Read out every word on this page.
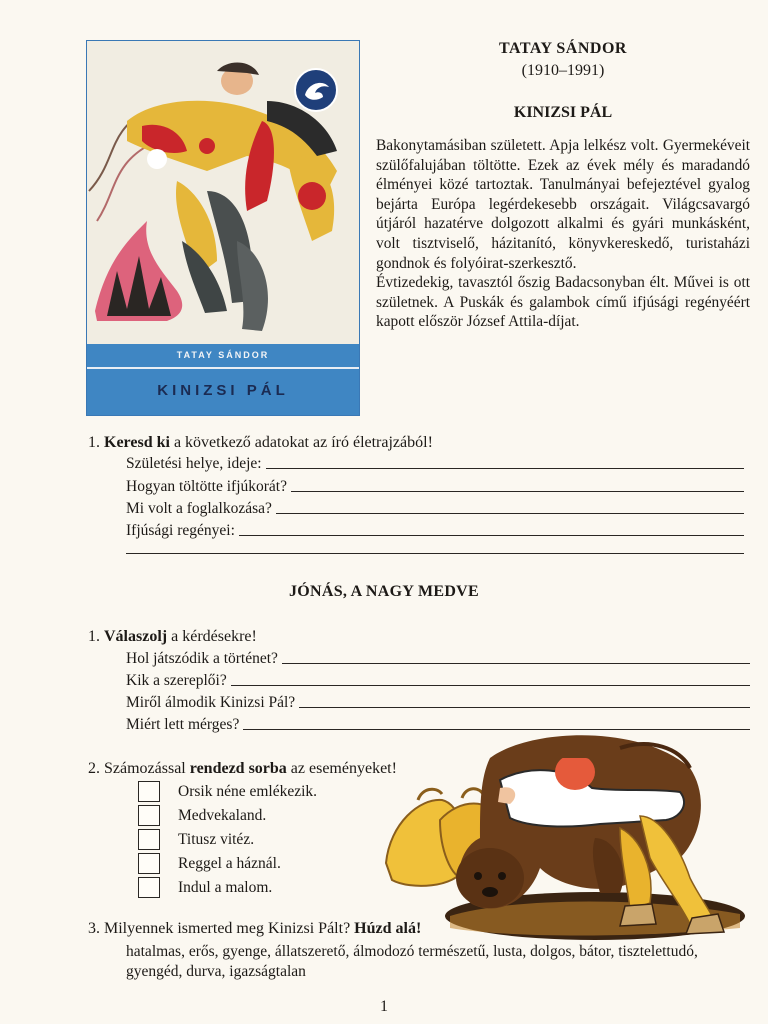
TATAY SÁNDOR
KINIZSI PÁL
TATAY SÁNDOR
(1910–1991)
KINIZSI PÁL

Bakonytamásiban született. Apja lelkész volt. Gyermekéveit szülőfalujában töltötte. Ezek az évek mély és maradandó élményei közé tartoztak. Tanulmányai befejeztével gyalog bejárta Európa legérdekesebb országait. Világcsavargó útjáról hazatérve dolgozott alkalmi és gyári munkásként, volt tisztviselő, házitanító, könyvkereskedő, turistaházi gondnok és folyóirat-szerkesztő.

Évtizedekig, tavasztól őszig Badacsonyban élt. Művei is ott születnek. A Puskák és galambok című ifjúsági regényéért kapott először József Attila-díjat.

1. Keresd ki a következő adatokat az író életrajzából!
Születési helye, ideje:
Hogyan töltötte ifjúkorát?
Mi volt a foglalkozása?
Ifjúsági regényei:
JÓNÁS, A NAGY MEDVE
1. Válaszolj a kérdésekre!
Hol játszódik a történet?
Kik a szereplői?
Miről álmodik Kinizsi Pál?
Miért lett mérges?
2. Számozással rendezd sorba az eseményeket!
Orsik néne emlékezik.
Medvekaland.
Titusz vitéz.
Reggel a háznál.
Indul a malom.
3. Milyennek ismerted meg Kinizsi Pált? Húzd alá!
hatalmas, erős, gyenge, állatszerető, álmodozó természetű, lusta, dolgos, bátor, tisztelettudó, gyengéd, durva, igazságtalan
1
